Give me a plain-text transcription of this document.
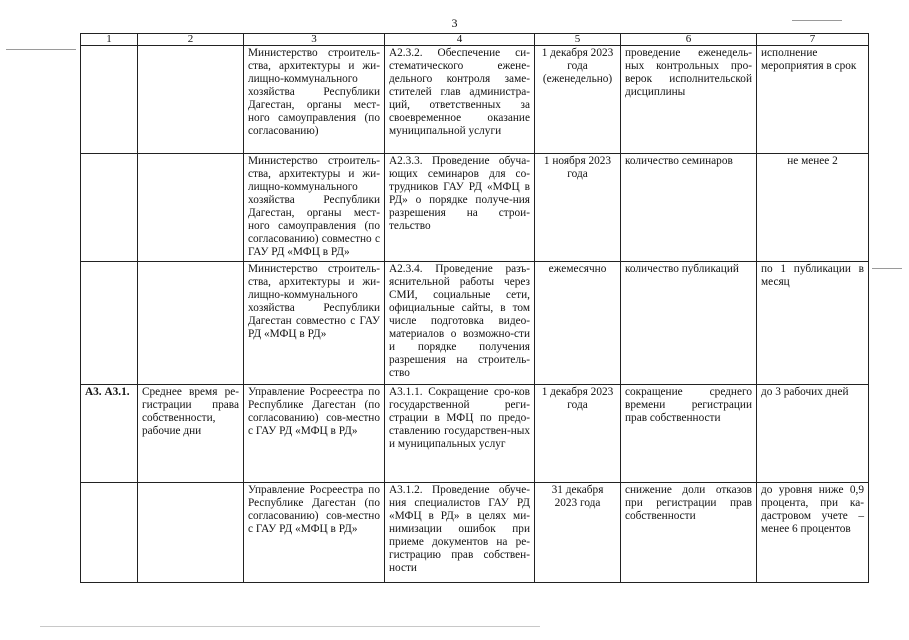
3
1	2	3	4	5	6	7
		Министерство строитель-ства, архитектуры и жи-лищно-коммунального хозяйства Республики Дагестан, органы мест-ного самоуправления (по согласованию)	А2.3.2. Обеспечение си-стематического еженe-дельного контроля заме-стителей глав администра-ций, ответственных за своевременное оказание муниципальной услуги	1 декабря 2023 года (еженедельно)	проведение еженедель-ных контрольных про-верок исполнительской дисциплины	исполнение мероприятия в срок
		Министерство строитель-ства, архитектуры и жи-лищно-коммунального хозяйства Республики Дагестан, органы мест-ного самоуправления (по согласованию) совместно с ГАУ РД «МФЦ в РД»	А2.3.3. Проведение обуча-ющих семинаров для со-трудников ГАУ РД «МФЦ в РД» о порядке получе-ния разрешения на строи-тельство	1 ноября 2023 года	количество семинаров	не менее 2
		Министерство строитель-ства, архитектуры и жи-лищно-коммунального хозяйства Республики Дагестан совместно с ГАУ РД «МФЦ в РД»	А2.3.4. Проведение разъ-яснительной работы через СМИ, социальные сети, официальные сайты, в том числе подготовка видео-материалов о возможно-сти и порядке получения разрешения на строитель-ство	ежемесячно	количество публикаций	по 1 публикации в месяц
А3. А3.1.	Среднее время ре-гистрации права собственности, рабочие дни	Управление Росреестра по Республике Дагестан (по согласованию) сов-местно с ГАУ РД «МФЦ в РД»	А3.1.1. Сокращение сро-ков государственной реги-страции в МФЦ по предо-ставлению государствен-ных и муниципальных услуг	1 декабря 2023 года	сокращение среднего времени регистрации прав собственности	до 3 рабочих дней
		Управление Росреестра по Республике Дагестан (по согласованию) сов-местно с ГАУ РД «МФЦ в РД»	А3.1.2. Проведение обуче-ния специалистов ГАУ РД «МФЦ в РД» в целях ми-нимизации ошибок при приеме документов на ре-гистрацию прав собствен-ности	31 декабря 2023 года	снижение доли отказов при регистрации прав собственности	до уровня ниже 0,9 процента, при ка-дастровом учете – менее 6 процентов
